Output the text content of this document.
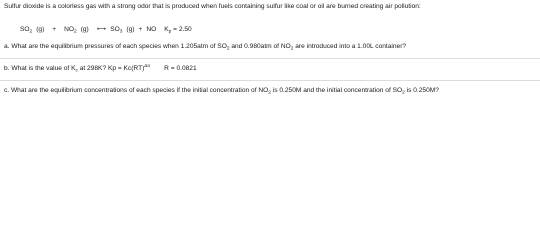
Sulfur dioxide is a colorless gas with a strong odor that is produced when fuels containing sulfur like coal or oil are burned creating air pollution:
$SO_2$ $(g) + NO_2$ (g) ⟷ $SO_3$ (g) + NO $K_p = 2.50$
a. What are the equilibrium pressures of each species when 1.205atm of $SO_2$ and 0.980atm of $NO_2$ are introduced into a 1.00L container?
b. What is the value of $K_c$ at 298K? Kp = Kc(RT)$^{\Delta n}$ R = 0.0821
c. What are the equilibrium concentrations of each species if the initial concentration of $NO_2$ is 0.250M and the initial concentration of $SO_2$ is 0.250M?
